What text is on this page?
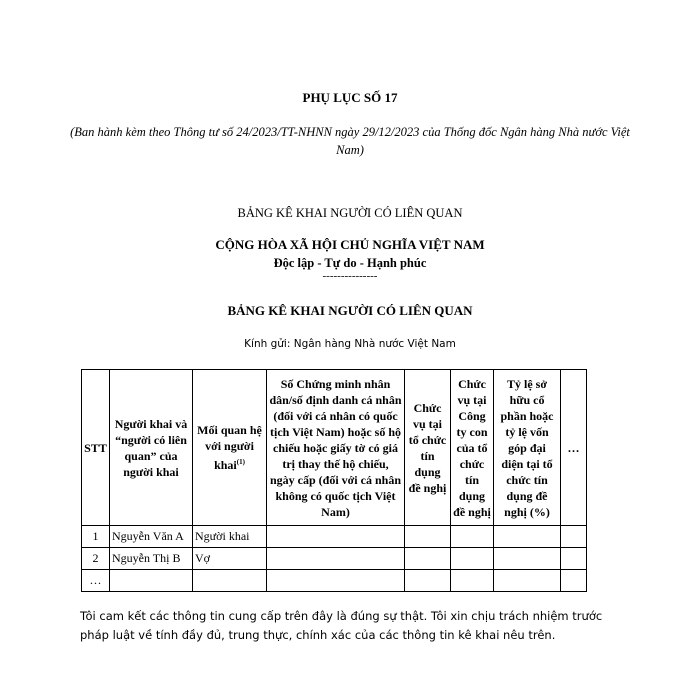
PHỤ LỤC SỐ 17
(Ban hành kèm theo Thông tư số 24/2023/TT-NHNN ngày 29/12/2023 của Thống đốc Ngân hàng Nhà nước Việt Nam)
BẢNG KÊ KHAI NGƯỜI CÓ LIÊN QUAN
CỘNG HÒA XÃ HỘI CHỦ NGHĨA VIỆT NAM
Độc lập - Tự do - Hạnh phúc
---------------
BẢNG KÊ KHAI NGƯỜI CÓ LIÊN QUAN
Kính gửi: Ngân hàng Nhà nước Việt Nam
STT	Người khai và “người có liên quan” của người khai	Mối quan hệ với người khai$^{(1)}$	Số Chứng minh nhân dân/số định danh cá nhân (đối với cá nhân có quốc tịch Việt Nam) hoặc số hộ chiếu hoặc giấy tờ có giá trị thay thế hộ chiếu, ngày cấp (đối với cá nhân không có quốc tịch Việt Nam)	Chức vụ tại tổ chức tín dụng đề nghị	Chức vụ tại Công ty con của tổ chức tín dụng đề nghị	Tỷ lệ sở hữu cổ phần hoặc tỷ lệ vốn góp đại diện tại tổ chức tín dụng đề nghị (%)	…
1	Nguyễn Văn A	Người khai					
2	Nguyễn Thị B	Vợ					
…							
Tôi cam kết các thông tin cung cấp trên đây là đúng sự thật. Tôi xin chịu trách nhiệm trước pháp luật về tính đầy đủ, trung thực, chính xác của các thông tin kê khai nêu trên.
